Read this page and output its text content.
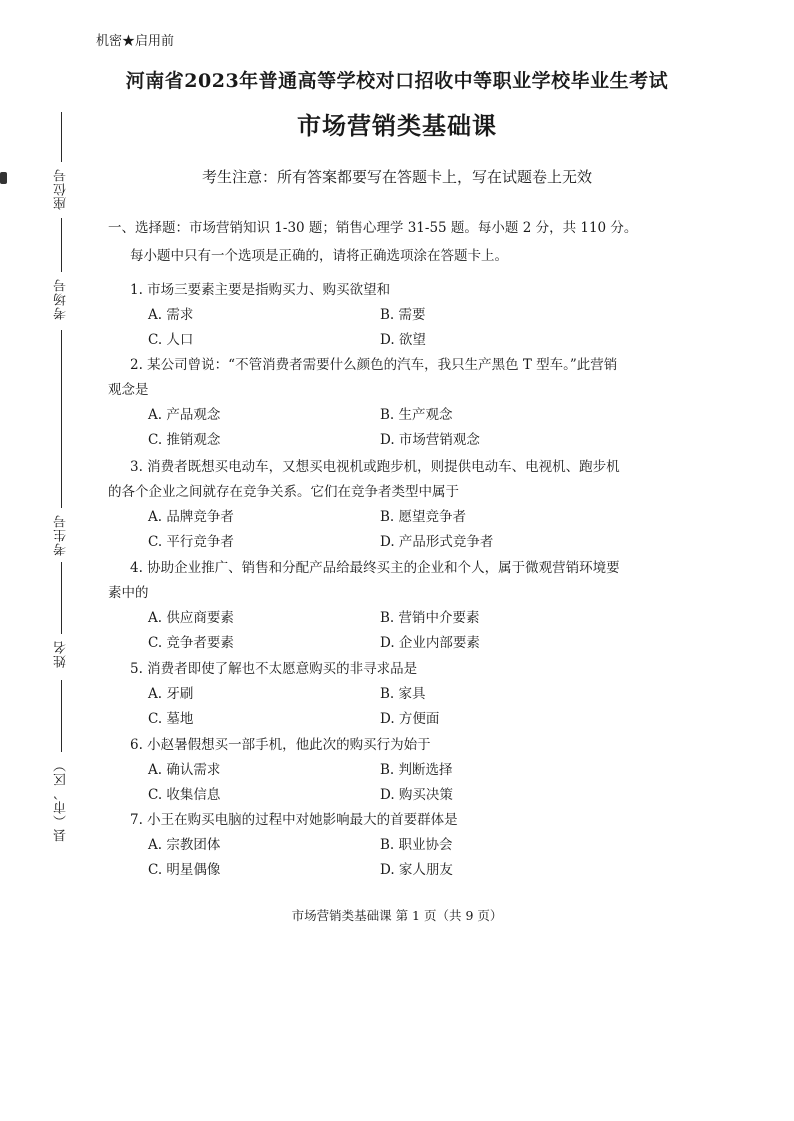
机密★启用前
河南省2023年普通高等学校对口招收中等职业学校毕业生考试
市场营销类基础课
考生注意：所有答案都要写在答题卡上，写在试题卷上无效
座位号
考场号
考生号
姓名
县（市、区）
一、选择题：市场营销知识 1-30 题；销售心理学 31-55 题。每小题 2 分，共 110 分。
每小题中只有一个选项是正确的，请将正确选项涂在答题卡上。
1. 市场三要素主要是指购买力、购买欲望和
A. 需求	B. 需要
C. 人口	D. 欲望
2. 某公司曾说：“不管消费者需要什么颜色的汽车，我只生产黑色 T 型车。”此营销观念是
A. 产品观念	B. 生产观念
C. 推销观念	D. 市场营销观念
3. 消费者既想买电动车，又想买电视机或跑步机，则提供电动车、电视机、跑步机的各个企业之间就存在竞争关系。它们在竞争者类型中属于
A. 品牌竞争者	B. 愿望竞争者
C. 平行竞争者	D. 产品形式竞争者
4. 协助企业推广、销售和分配产品给最终买主的企业和个人，属于微观营销环境要素中的
A. 供应商要素	B. 营销中介要素
C. 竞争者要素	D. 企业内部要素
5. 消费者即使了解也不太愿意购买的非寻求品是
A. 牙刷	B. 家具
C. 墓地	D. 方便面
6. 小赵暑假想买一部手机，他此次的购买行为始于
A. 确认需求	B. 判断选择
C. 收集信息	D. 购买决策
7. 小王在购买电脑的过程中对她影响最大的首要群体是
A. 宗教团体	B. 职业协会
C. 明星偶像	D. 家人朋友
市场营销类基础课 第 1 页（共 9 页）
